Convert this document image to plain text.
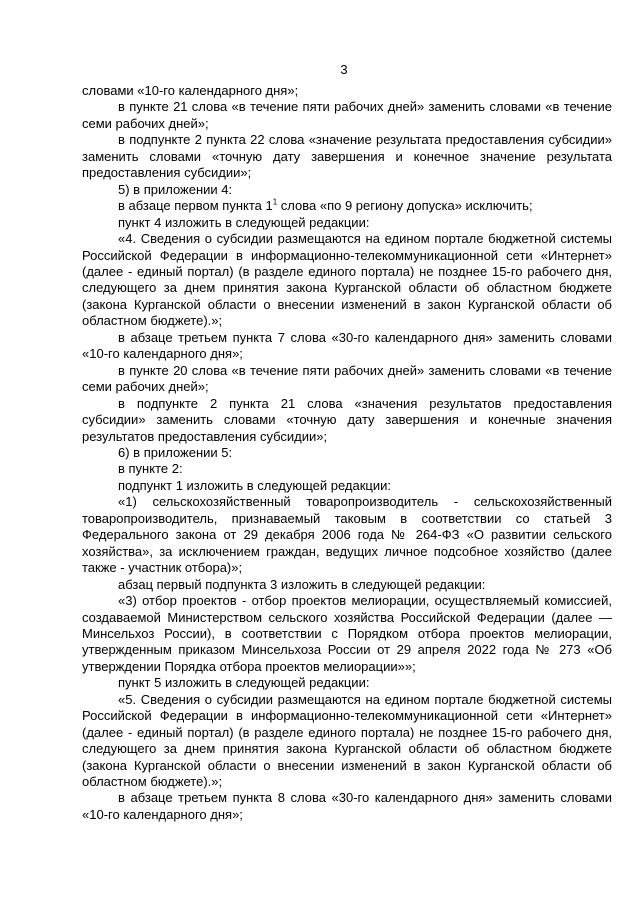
3

словами «10-го календарного дня»;

в пункте 21 слова «в течение пяти рабочих дней» заменить словами «в течение семи рабочих дней»;

в подпункте 2 пункта 22 слова «значение результата предоставления субсидии» заменить словами «точную дату завершения и конечное значение результата предоставления субсидии»;

5) в приложении 4:

в абзаце первом пункта $1^1$ слова «по 9 региону допуска» исключить;

пункт 4 изложить в следующей редакции:

«4. Сведения о субсидии размещаются на едином портале бюджетной системы Российской Федерации в информационно-телекоммуникационной сети «Интернет» (далее - единый портал) (в разделе единого портала) не позднее 15-го рабочего дня, следующего за днем принятия закона Курганской области об областном бюджете (закона Курганской области о внесении изменений в закон Курганской области об областном бюджете).»;

в абзаце третьем пункта 7 слова «30-го календарного дня» заменить словами «10-го календарного дня»;

в пункте 20 слова «в течение пяти рабочих дней» заменить словами «в течение семи рабочих дней»;

в подпункте 2 пункта 21 слова «значения результатов предоставления субсидии» заменить словами «точную дату завершения и конечные значения результатов предоставления субсидии»;

6) в приложении 5:

в пункте 2:

подпункт 1 изложить в следующей редакции:

«1) сельскохозяйственный товаропроизводитель - сельскохозяйственный товаропроизводитель, признаваемый таковым в соответствии со статьей 3 Федерального закона от 29 декабря 2006 года № 264-ФЗ «О развитии сельского хозяйства», за исключением граждан, ведущих личное подсобное хозяйство (далее также - участник отбора)»;

абзац первый подпункта 3 изложить в следующей редакции:

«3) отбор проектов - отбор проектов мелиорации, осуществляемый комиссией, создаваемой Министерством сельского хозяйства Российской Федерации (далее — Минсельхоз России), в соответствии с Порядком отбора проектов мелиорации, утвержденным приказом Минсельхоза России от 29 апреля 2022 года № 273 «Об утверждении Порядка отбора проектов мелиорации»»;

пункт 5 изложить в следующей редакции:

«5. Сведения о субсидии размещаются на едином портале бюджетной системы Российской Федерации в информационно-телекоммуникационной сети «Интернет» (далее - единый портал) (в разделе единого портала) не позднее 15-го рабочего дня, следующего за днем принятия закона Курганской области об областном бюджете (закона Курганской области о внесении изменений в закон Курганской области об областном бюджете).»;

в абзаце третьем пункта 8 слова «30-го календарного дня» заменить словами «10-го календарного дня»;
